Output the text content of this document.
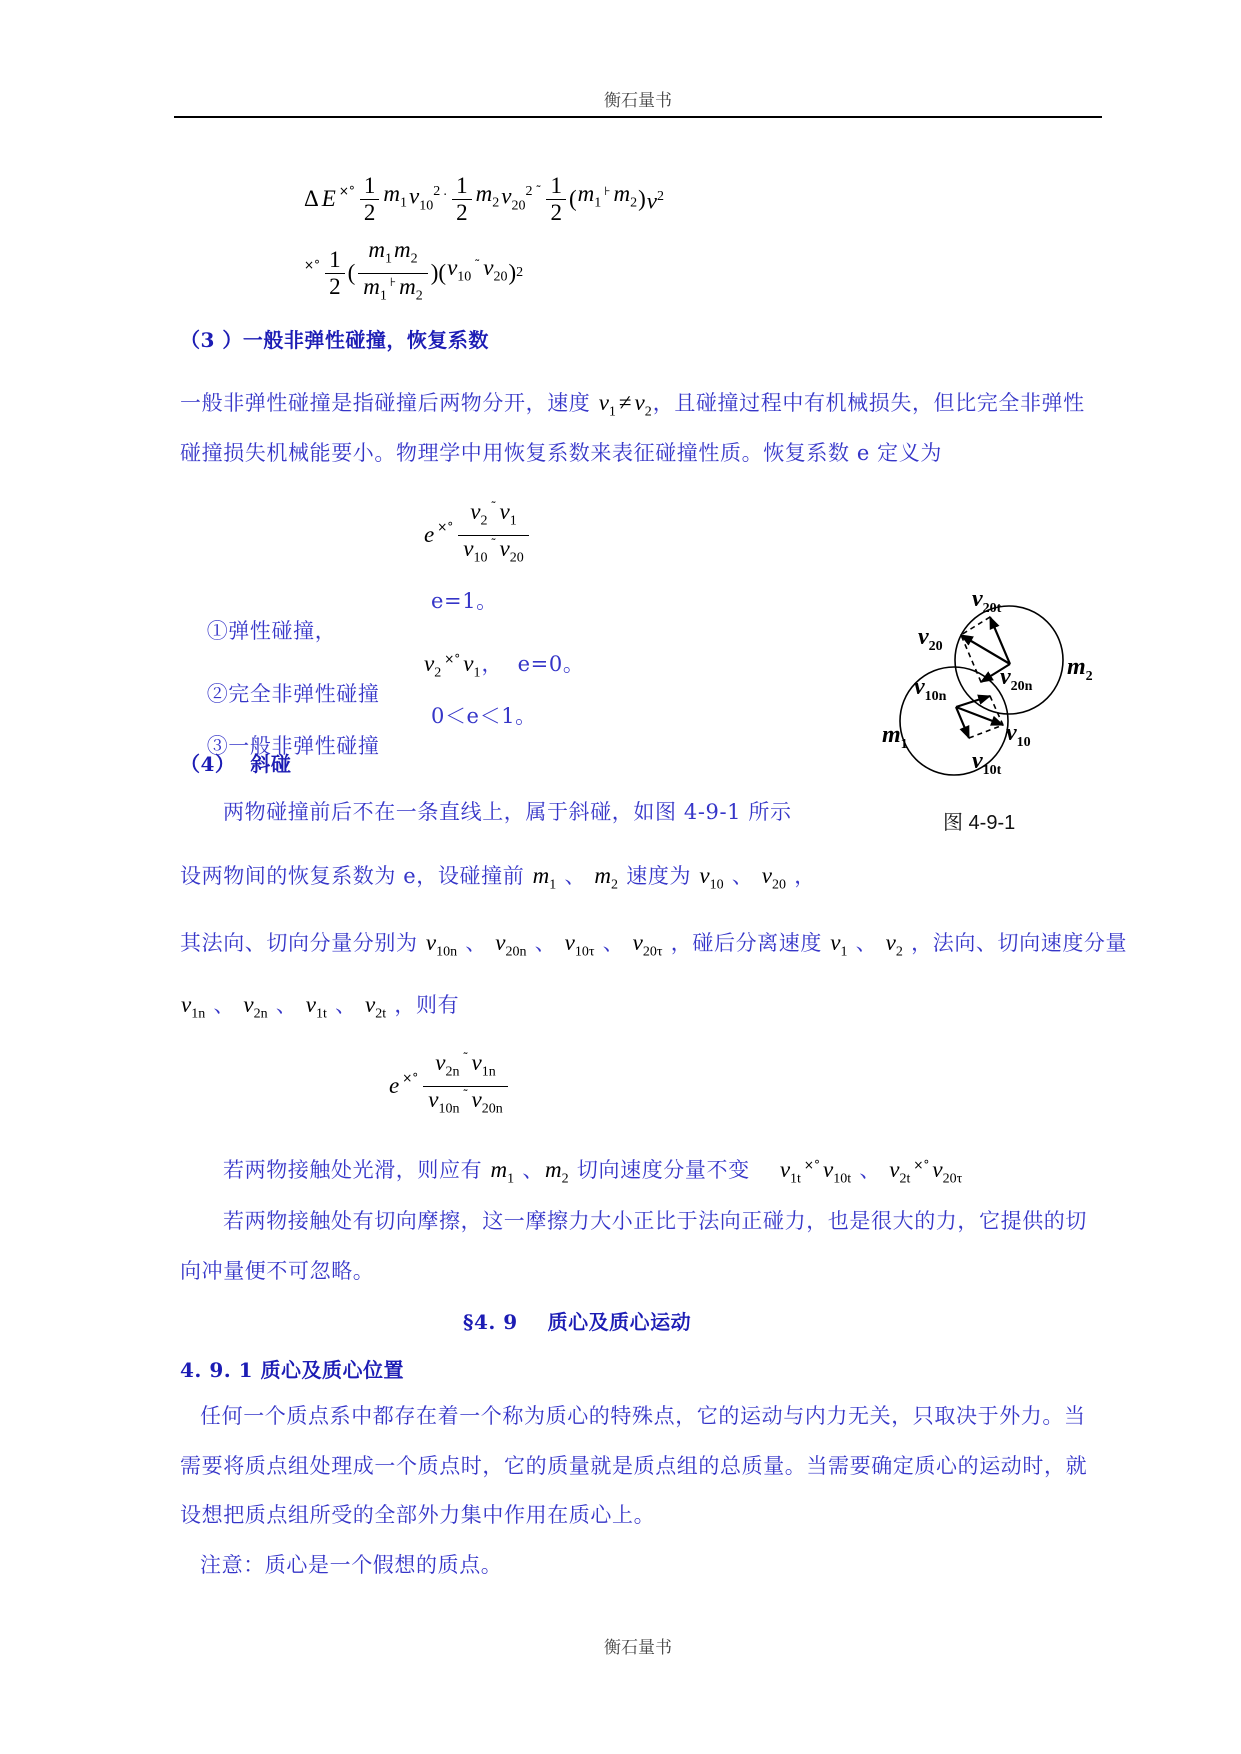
衡石量书
Δ E ×° $\frac{1}{2} m_1$ $v_{10}^2$ . $\frac{1}{2} m_2$ $v_{20}^2$ ˜ $\frac{1}{2}$ ( $m_1$
⊦ $m_2$ ) $v^2$
×° $\frac{1}{2}$ ( $\frac{m_1m_2}{m_1^⊦ m_2}$ )( $v_{10}$
˜ $v_{20}$ ) 2
（3 ）一般非弹性碰撞，恢复系数
一般非弹性碰撞是指碰撞后两物分开，速度 $v_1 \ne v_2$，且碰撞过程中有机械损失，但比完全非弹性
碰撞损失机械能要小。物理学中用恢复系数来表征碰撞性质。恢复系数 e 定义为
e ×° $\frac{v_2^˜ v_1}{v_{10}^˜ v_{20}}$

①弹性碰撞，

e=1。

②完全非弹性碰撞

$v_2^{\times^\circ}$ $v_1$，  e=0。

③一般非弹性碰撞

0＜e＜1。
（4）  斜碰
两物碰撞前后不在一条直线上，属于斜碰，如图 4-9-1 所示
$v_{20t}$
$v_{20}$
$v_{20n}$
$m_2$
$v_{10n}$
$v_{10}$
$v_{10t}$
$m_1$
图 4-9-1
设两物间的恢复系数为 e，设碰撞前 $m_1$ 、 $m_2$ 速度为 $v_{10}$ 、 $v_{20}$ ，
其法向、切向分量分别为 $v_{10n}$ 、 $v_{20n}$ 、 $v_{10\tau}$ 、 $v_{20\tau}$ ，碰后分离速度 $v_1$ 、 $v_2$ ，法向、切向速度分量
$v_{1n}$ 、 $v_{2n}$ 、 $v_{1t}$ 、 $v_{2t}$ ，则有
e ×° $\frac{v_{2n}^˜ v_{1n}}{v_{10n}^˜ v_{20n}}$
若两物接触处光滑，则应有 $m_1$ 、$m_2$ 切向速度分量不变    $v_{1t}^{\times^\circ}$ $v_{10t}$ 、 $v_{2t}^{\times^\circ}$ $v_{20\tau}$
若两物接触处有切向摩擦，这一摩擦力大小正比于法向正碰力，也是很大的力，它提供的切
向冲量便不可忽略。
§4. 9    质心及质心运动
4. 9. 1 质心及质心位置
任何一个质点系中都存在着一个称为质心的特殊点，它的运动与内力无关，只取决于外力。当
需要将质点组处理成一个质点时，它的质量就是质点组的总质量。当需要确定质心的运动时，就
设想把质点组所受的全部外力集中作用在质心上。
注意：质心是一个假想的质点。
衡石量书
